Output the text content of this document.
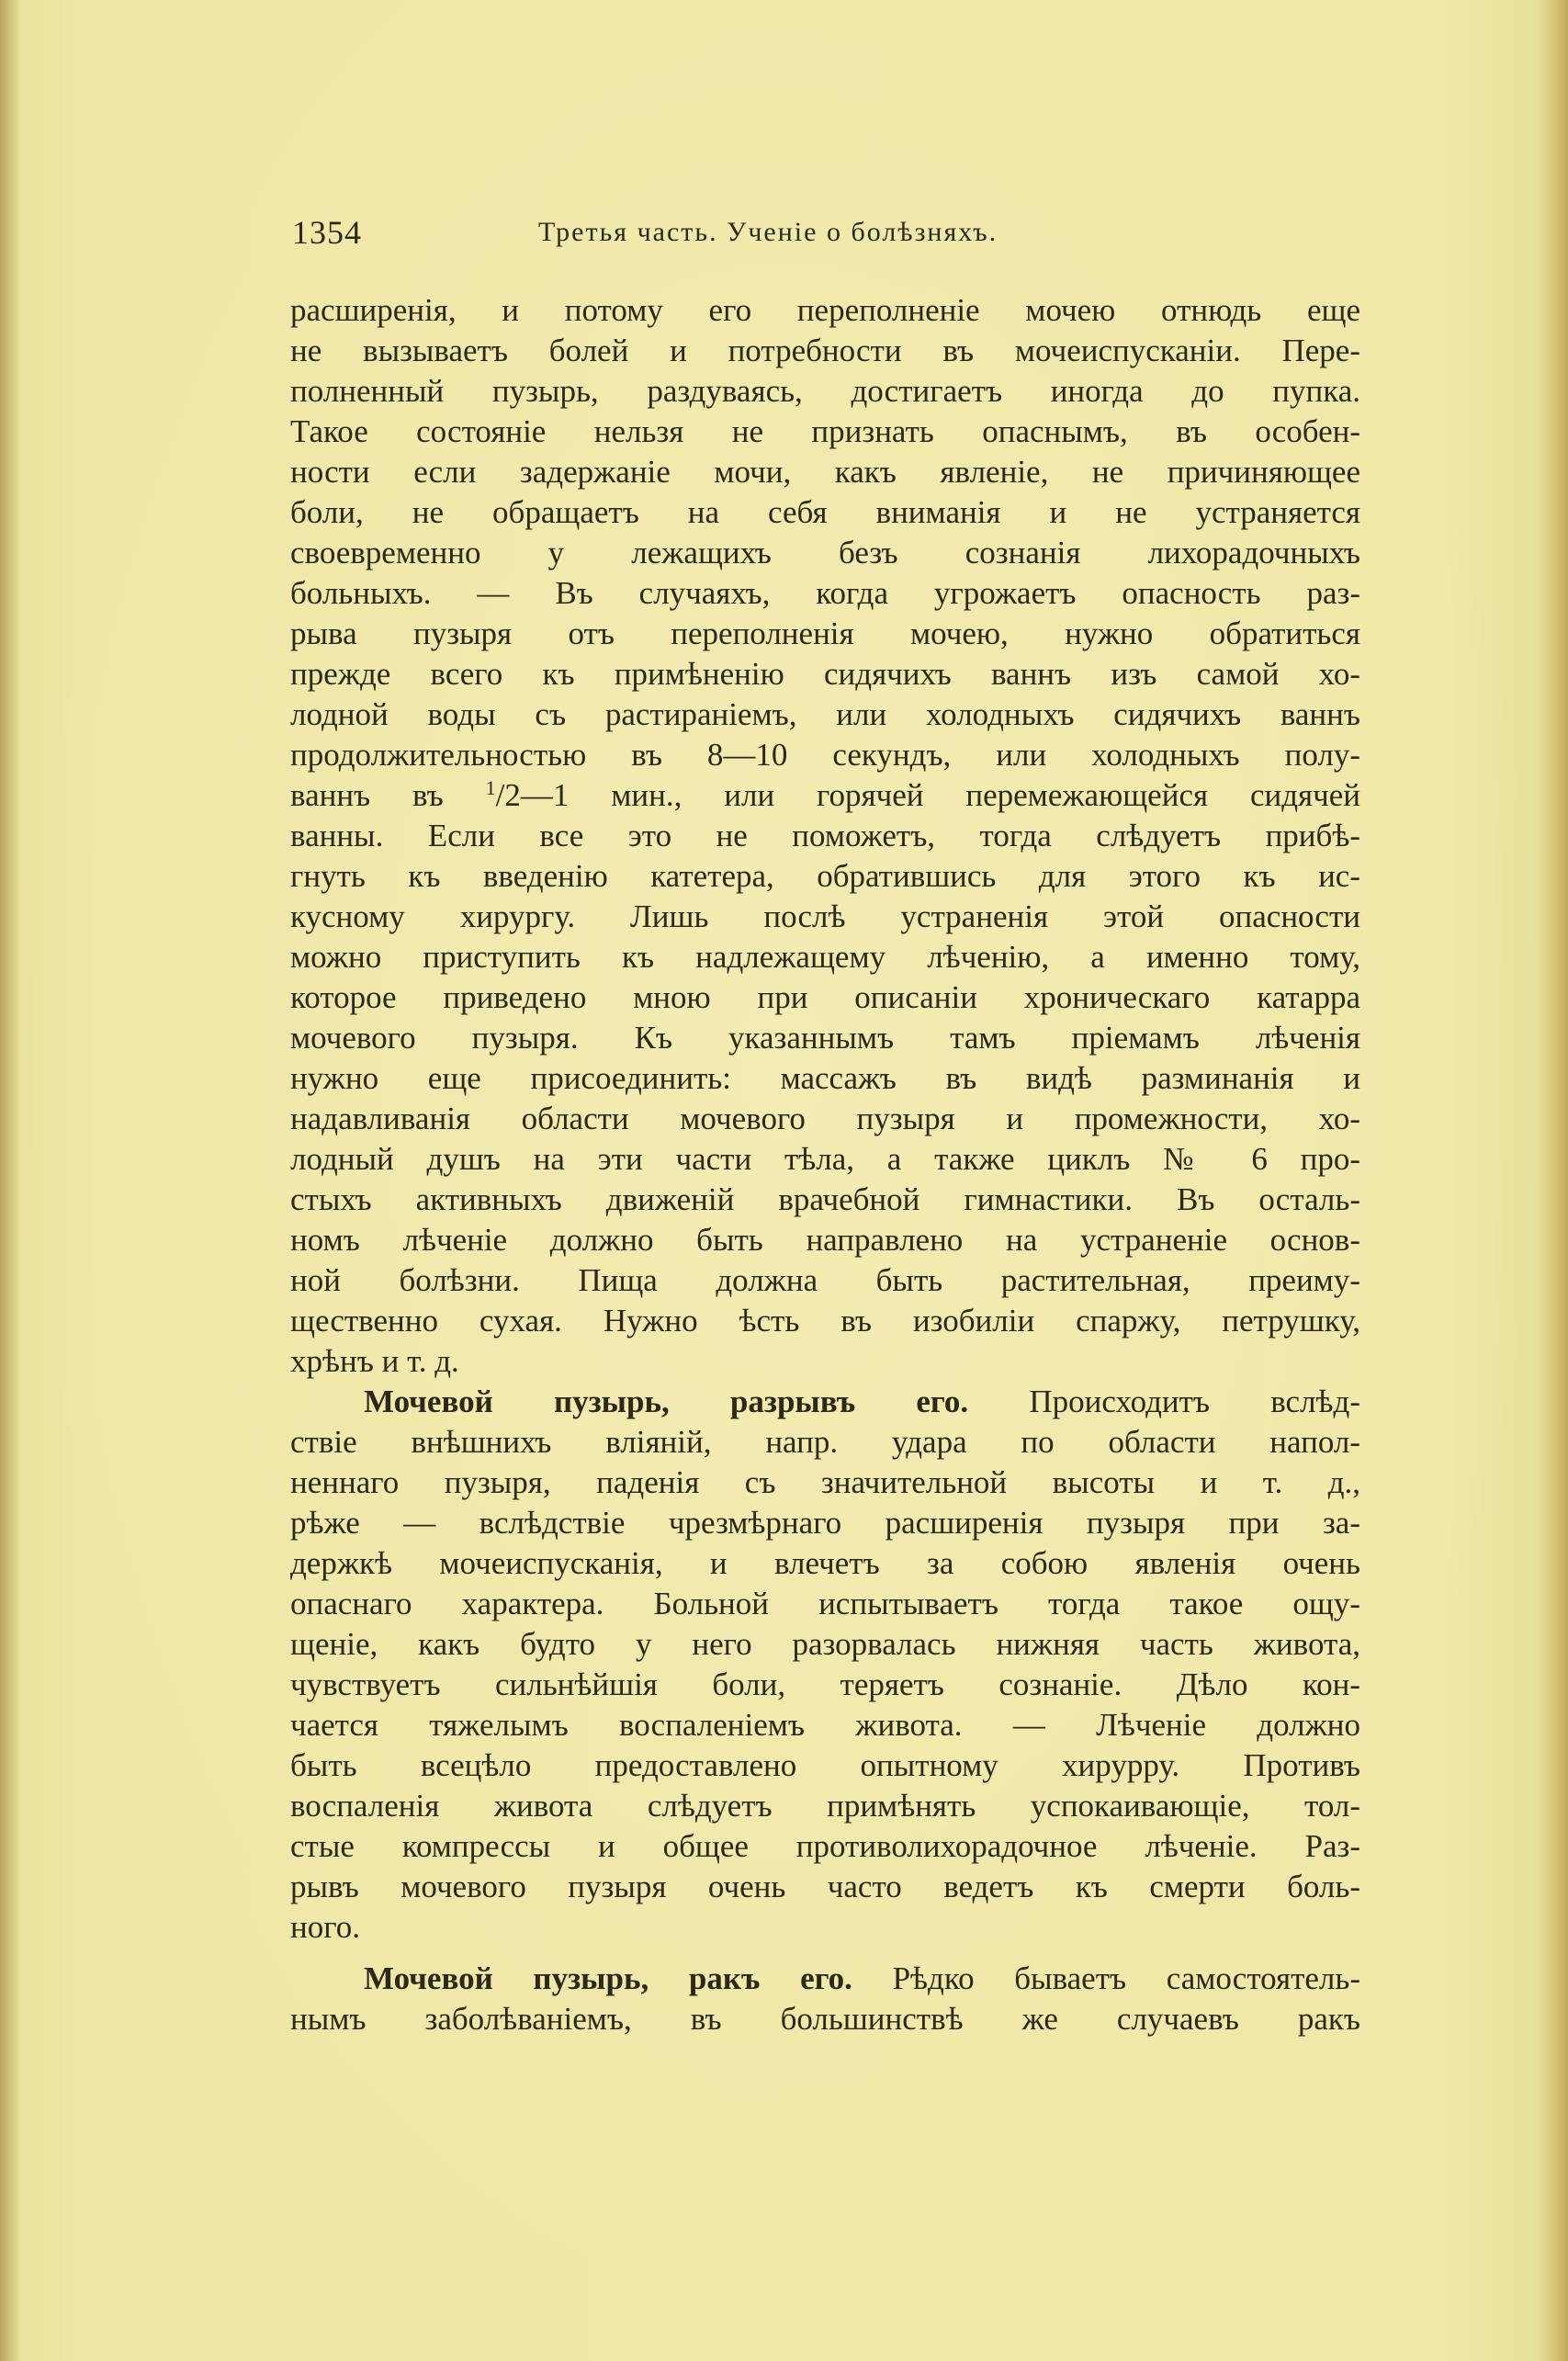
1354	Третья часть. Ученіе о болѣзняхъ.
расширенія, и потому его переполненіе мочею отнюдь еще
не вызываетъ болей и потребности въ мочеиспусканіи. Пере-
полненный пузырь, раздуваясь, достигаетъ иногда до пупка.
Такое состояніе нельзя не признать опаснымъ, въ особен-
ности если задержаніе мочи, какъ явленіе, не причиняющее
боли, не обращаетъ на себя вниманія и не устраняется
своевременно у лежащихъ безъ сознанія лихорадочныхъ
больныхъ. — Въ случаяхъ, когда угрожаетъ опасность раз-
рыва пузыря отъ переполненія мочею, нужно обратиться
прежде всего къ примѣненію сидячихъ ваннъ изъ самой хо-
лодной воды съ растираніемъ, или холодныхъ сидячихъ ваннъ
продолжительностью въ 8—10 секундъ, или холодныхъ полу-
ваннъ въ $^1$/2—1 мин., или горячей перемежающейся сидячей
ванны. Если все это не поможетъ, тогда слѣдуетъ прибѣ-
гнуть къ введенію катетера, обратившись для этого къ ис-
кусному хирургу. Лишь послѣ устраненія этой опасности
можно приступить къ надлежащему лѣченію, а именно тому,
которое приведено мною при описаніи хроническаго катарра
мочевого пузыря. Къ указаннымъ тамъ пріемамъ лѣченія
нужно еще присоединить: массажъ въ видѣ разминанія и
надавливанія области мочевого пузыря и промежности, хо-
лодный душъ на эти части тѣла, а также циклъ № 6 про-
стыхъ активныхъ движеній врачебной гимнастики. Въ осталь-
номъ лѣченіе должно быть направлено на устраненіе основ-
ной болѣзни. Пища должна быть растительная, преиму-
щественно сухая. Нужно ѣсть въ изобиліи спаржу, петрушку,
хрѣнъ и т. д.
Мочевой пузырь, разрывъ его. Происходитъ вслѣд-
ствіе внѣшнихъ вліяній, напр. удара по области напол-
неннаго пузыря, паденія съ значительной высоты и т. д.,
рѣже — вслѣдствіе чрезмѣрнаго расширенія пузыря при за-
держкѣ мочеиспусканія, и влечетъ за собою явленія очень
опаснаго характера. Больной испытываетъ тогда такое ощу-
щеніе, какъ будто у него разорвалась нижняя часть живота,
чувствуетъ сильнѣйшія боли, теряетъ сознаніе. Дѣло кон-
чается тяжелымъ воспаленіемъ живота. — Лѣченіе должно
быть всецѣло предоставлено опытному хирурру. Противъ
воспаленія живота слѣдуетъ примѣнять успокаивающіе, тол-
стые компрессы и общее противолихорадочное лѣченіе. Раз-
рывъ мочевого пузыря очень часто ведетъ къ смерти боль-
ного.
Мочевой пузырь, ракъ его. Рѣдко бываетъ самостоятель-
нымъ заболѣваніемъ, въ большинствѣ же случаевъ ракъ
